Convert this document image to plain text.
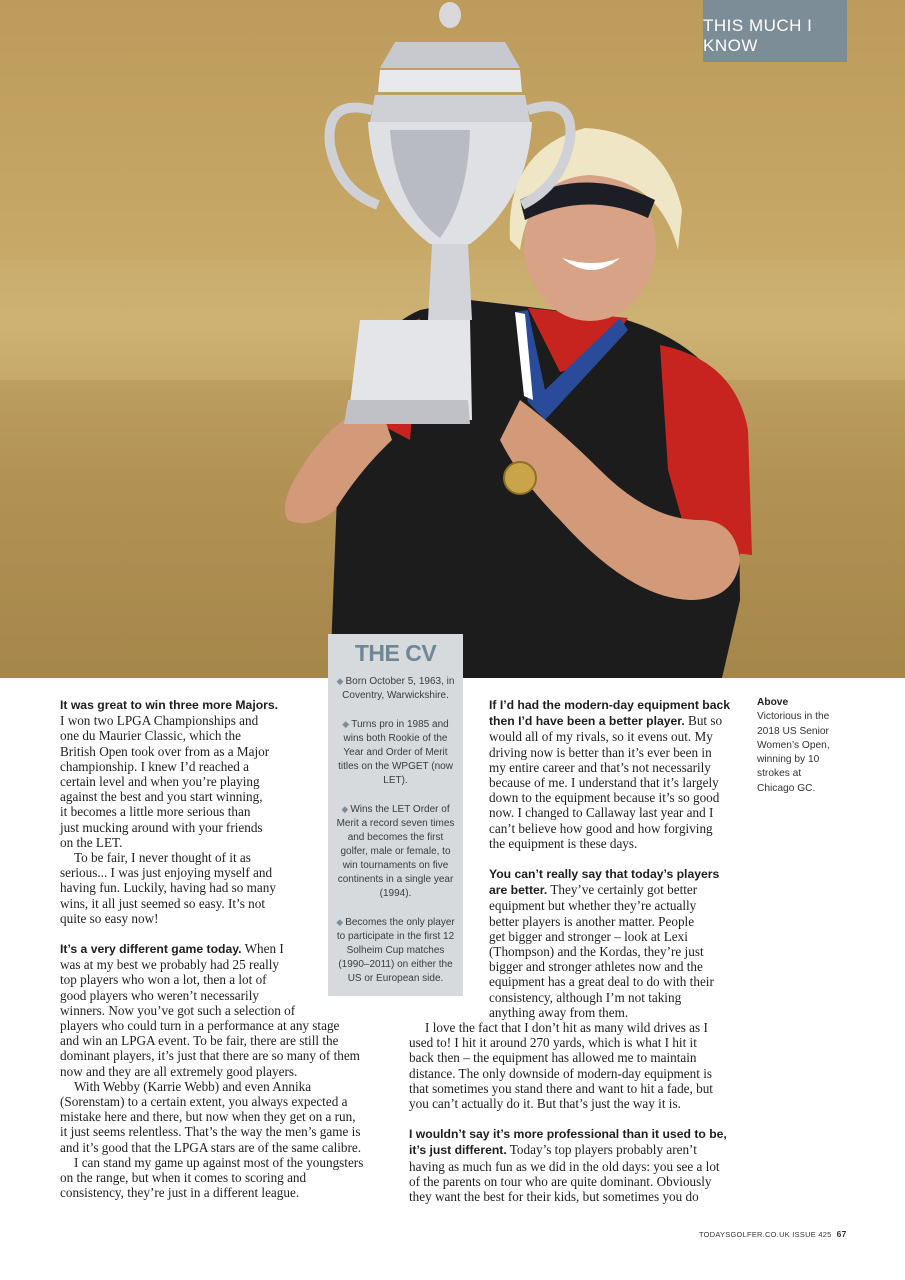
THIS MUCH I KNOW

It was great to win three more Majors.
I won two LPGA Championships and
one du Maurier Classic, which the
British Open took over from as a Major
championship. I knew I’d reached a
certain level and when you’re playing
against the best and you start winning,
it becomes a little more serious than
just mucking around with your friends
on the LET.

To be fair, I never thought of it as
serious... I was just enjoying myself and
having fun. Luckily, having had so many
wins, it all just seemed so easy. It’s not
quite so easy now!

It’s a very different game today. When I
was at my best we probably had 25 really
top players who won a lot, then a lot of
good players who weren’t necessarily
winners. Now you’ve got such a selection of
players who could turn in a performance at any stage
and win an LPGA event. To be fair, there are still the
dominant players, it’s just that there are so many of them
now and they are all extremely good players.

With Webby (Karrie Webb) and even Annika
(Sorenstam) to a certain extent, you always expected a
mistake here and there, but now when they get on a run,
it just seems relentless. That’s the way the men’s game is
and it’s good that the LPGA stars are of the same calibre.

I can stand my game up against most of the youngsters
on the range, but when it comes to scoring and
consistency, they’re just in a different league.

THE CV
◆ Born October 5, 1963, in Coventry, Warwickshire.
◆ Turns pro in 1985 and wins both Rookie of the Year and Order of Merit titles on the WPGET (now LET).
◆ Wins the LET Order of Merit a record seven times and becomes the first golfer, male or female, to win tournaments on five continents in a single year (1994).
◆ Becomes the only player to participate in the first 12 Solheim Cup matches (1990–2011) on either the US or European side.

If I’d had the modern-day equipment back
then I’d have been a better player. But so
would all of my rivals, so it evens out. My
driving now is better than it’s ever been in
my entire career and that’s not necessarily
because of me. I understand that it’s largely
down to the equipment because it’s so good
now. I changed to Callaway last year and I
can’t believe how good and how forgiving
the equipment is these days.

You can’t really say that today’s players
are better. They’ve certainly got better
equipment but whether they’re actually
better players is another matter. People
get bigger and stronger – look at Lexi
(Thompson) and the Kordas, they’re just
bigger and stronger athletes now and the
equipment has a great deal to do with their
consistency, although I’m not taking
anything away from them.

I love the fact that I don’t hit as many wild drives as I
used to! I hit it around 270 yards, which is what I hit it
back then – the equipment has allowed me to maintain
distance. The only downside of modern-day equipment is
that sometimes you stand there and want to hit a fade, but
you can’t actually do it. But that’s just the way it is.

I wouldn’t say it’s more professional than it used to be,
it’s just different. Today’s top players probably aren’t
having as much fun as we did in the old days: you see a lot
of the parents on tour who are quite dominant. Obviously
they want the best for their kids, but sometimes you do

Above Victorious in the 2018 US Senior Women’s Open, winning by 10 strokes at Chicago GC.
TODAYSGOLFER.CO.UK ISSUE 425 67
